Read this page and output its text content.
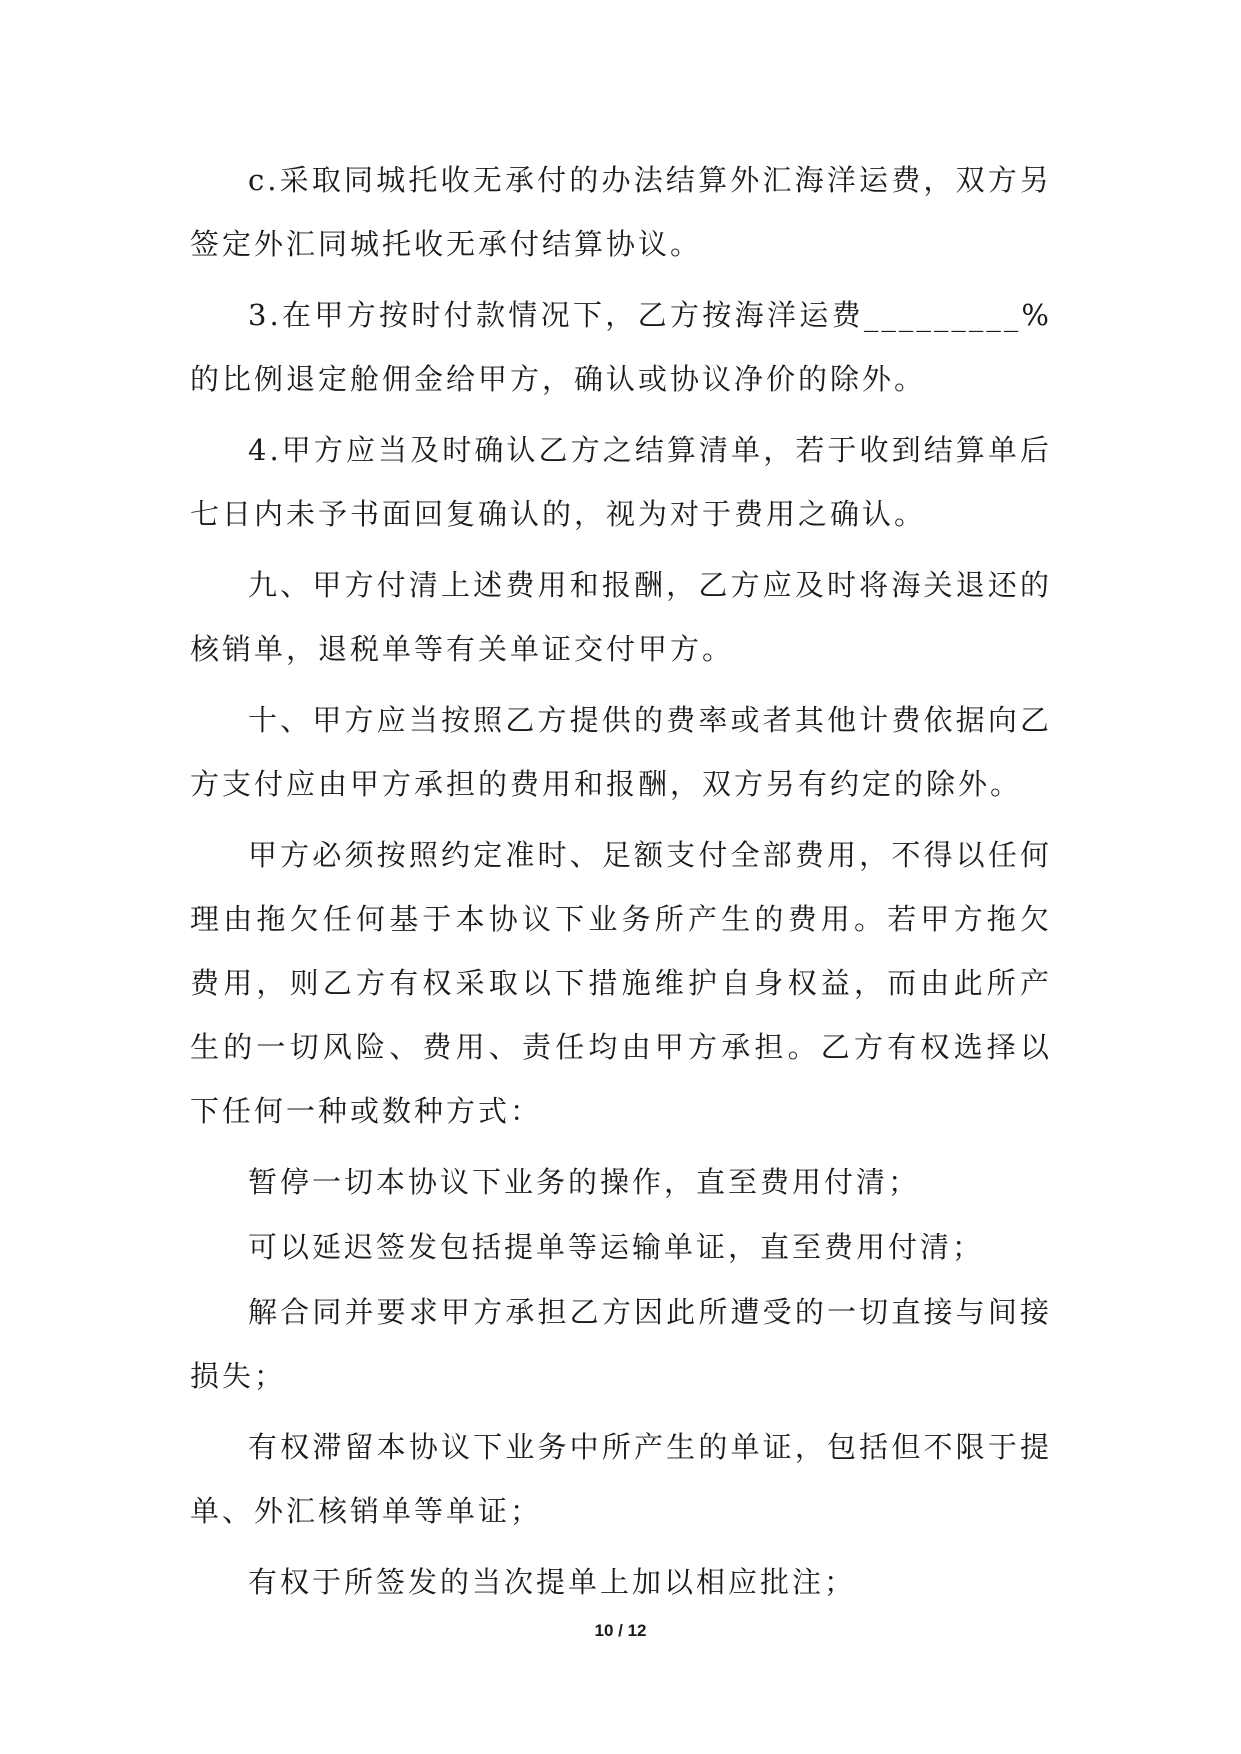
c.采取同城托收无承付的办法结算外汇海洋运费，双方另签定外汇同城托收无承付结算协议。

3.在甲方按时付款情况下，乙方按海洋运费_________%的比例退定舱佣金给甲方，确认或协议净价的除外。

4.甲方应当及时确认乙方之结算清单，若于收到结算单后七日内未予书面回复确认的，视为对于费用之确认。

九、甲方付清上述费用和报酬，乙方应及时将海关退还的核销单，退税单等有关单证交付甲方。

十、甲方应当按照乙方提供的费率或者其他计费依据向乙方支付应由甲方承担的费用和报酬，双方另有约定的除外。

甲方必须按照约定准时、足额支付全部费用，不得以任何理由拖欠任何基于本协议下业务所产生的费用。若甲方拖欠费用，则乙方有权采取以下措施维护自身权益，而由此所产生的一切风险、费用、责任均由甲方承担。乙方有权选择以下任何一种或数种方式：

暂停一切本协议下业务的操作，直至费用付清；

可以延迟签发包括提单等运输单证，直至费用付清；

解合同并要求甲方承担乙方因此所遭受的一切直接与间接损失；

有权滞留本协议下业务中所产生的单证，包括但不限于提单、外汇核销单等单证；

有权于所签发的当次提单上加以相应批注；

10 / 12
